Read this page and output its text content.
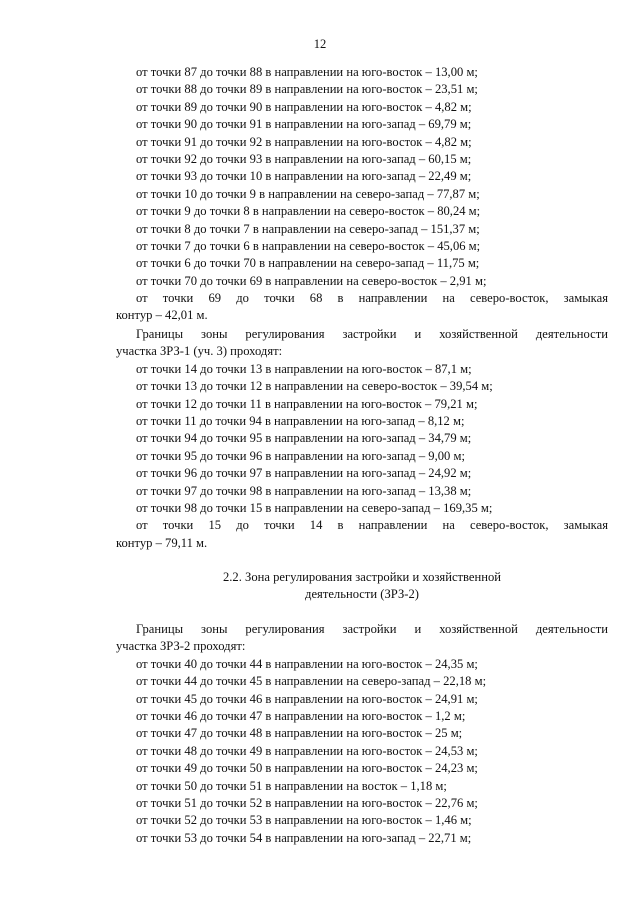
12
от точки 87 до точки 88 в направлении на юго-восток – 13,00 м;
от точки 88 до точки 89 в направлении на юго-восток – 23,51 м;
от точки 89 до точки 90 в направлении на юго-восток – 4,82 м;
от точки 90 до точки 91 в направлении на юго-запад – 69,79 м;
от точки 91 до точки 92 в направлении на юго-восток – 4,82 м;
от точки 92 до точки 93 в направлении на юго-запад – 60,15 м;
от точки 93 до точки 10 в направлении на юго-запад – 22,49 м;
от точки 10 до точки 9 в направлении на северо-запад – 77,87 м;
от точки 9 до точки 8 в направлении на северо-восток – 80,24 м;
от точки 8 до точки 7 в направлении на северо-запад – 151,37 м;
от точки 7 до точки 6 в направлении на северо-восток – 45,06 м;
от точки 6 до точки 70 в направлении на северо-запад – 11,75 м;
от точки 70 до точки 69 в направлении на северо-восток – 2,91 м;
от точки 69 до точки 68 в направлении на северо-восток, замыкая
контур – 42,01 м.
Границы зоны регулирования застройки и хозяйственной деятельности
участка ЗРЗ-1 (уч. 3) проходят:
от точки 14 до точки 13 в направлении на юго-восток – 87,1 м;
от точки 13 до точки 12 в направлении на северо-восток – 39,54 м;
от точки 12 до точки 11 в направлении на юго-восток – 79,21 м;
от точки 11 до точки 94 в направлении на юго-запад – 8,12 м;
от точки 94 до точки 95 в направлении на юго-запад – 34,79 м;
от точки 95 до точки 96 в направлении на юго-запад – 9,00 м;
от точки 96 до точки 97 в направлении на юго-запад – 24,92 м;
от точки 97 до точки 98 в направлении на юго-запад – 13,38 м;
от точки 98 до точки 15 в направлении на северо-запад – 169,35 м;
от точки 15 до точки 14 в направлении на северо-восток, замыкая
контур – 79,11 м.
2.2. Зона регулирования застройки и хозяйственной
деятельности (ЗРЗ-2)
Границы зоны регулирования застройки и хозяйственной деятельности
участка ЗРЗ-2 проходят:
от точки 40 до точки 44 в направлении на юго-восток – 24,35 м;
от точки 44 до точки 45 в направлении на северо-запад – 22,18 м;
от точки 45 до точки 46 в направлении на юго-восток – 24,91 м;
от точки 46 до точки 47 в направлении на юго-восток – 1,2 м;
от точки 47 до точки 48 в направлении на юго-восток – 25 м;
от точки 48 до точки 49 в направлении на юго-восток – 24,53 м;
от точки 49 до точки 50 в направлении на юго-восток – 24,23 м;
от точки 50 до точки 51 в направлении на восток – 1,18 м;
от точки 51 до точки 52 в направлении на юго-восток – 22,76 м;
от точки 52 до точки 53 в направлении на юго-восток – 1,46 м;
от точки 53 до точки 54 в направлении на юго-запад – 22,71 м;
